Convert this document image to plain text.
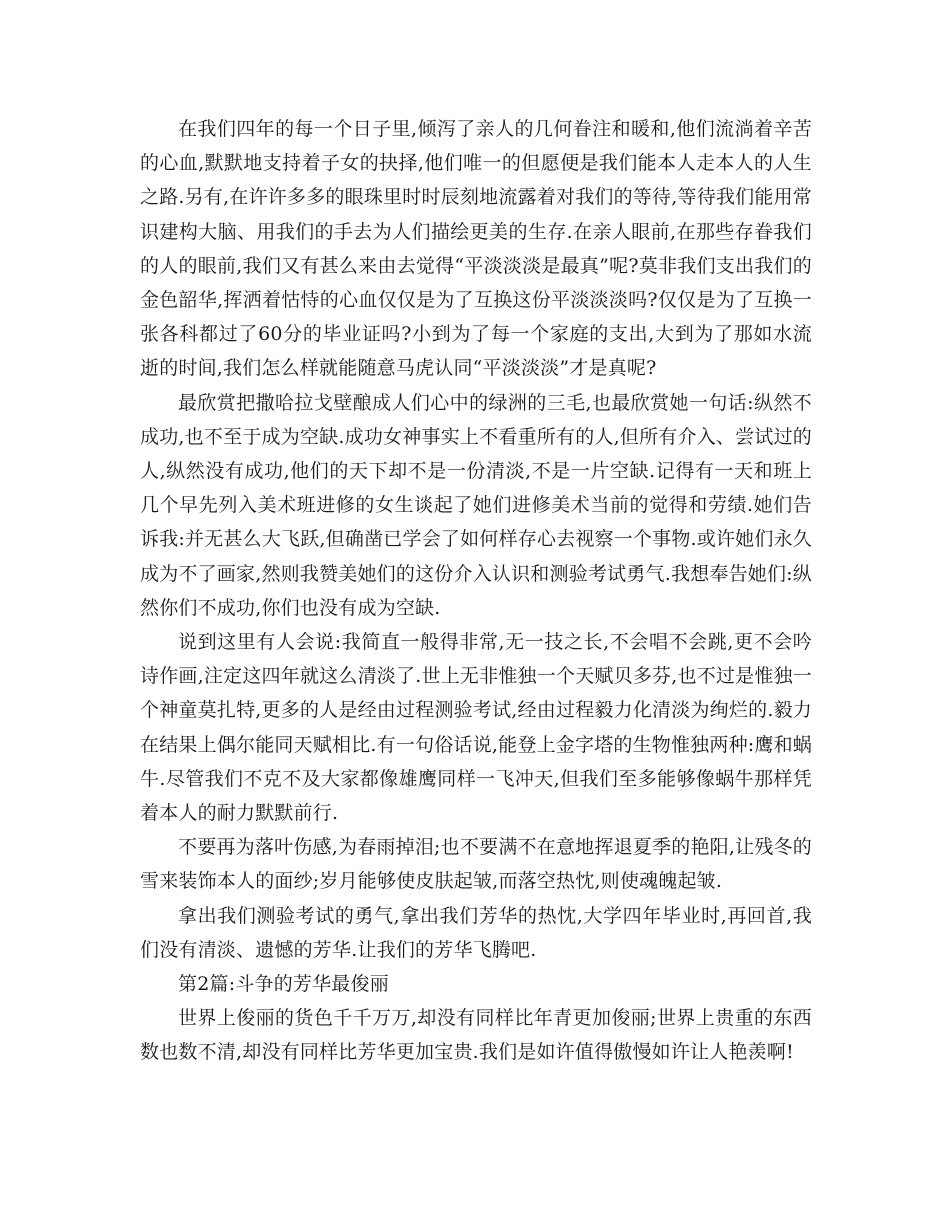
在我们四年的每一个日子里,倾泻了亲人的几何眷注和暖和,他们流淌着辛苦的心血,默默地支持着子女的抉择,他们唯一的但愿便是我们能本人走本人的人生之路.另有,在许许多多的眼珠里时时辰刻地流露着对我们的等待,等待我们能用常识建构大脑、用我们的手去为人们描绘更美的生存.在亲人眼前,在那些存眷我们的人的眼前,我们又有甚么来由去觉得“平淡淡淡是最真”呢?莫非我们支出我们的金色韶华,挥洒着怙恃的心血仅仅是为了互换这份平淡淡淡吗?仅仅是为了互换一张各科都过了60分的毕业证吗?小到为了每一个家庭的支出,大到为了那如水流逝的时间,我们怎么样就能随意马虎认同“平淡淡淡”才是真呢?

最欣赏把撒哈拉戈壁酿成人们心中的绿洲的三毛,也最欣赏她一句话:纵然不成功,也不至于成为空缺.成功女神事实上不看重所有的人,但所有介入、尝试过的人,纵然没有成功,他们的天下却不是一份清淡,不是一片空缺.记得有一天和班上几个早先列入美术班进修的女生谈起了她们进修美术当前的觉得和劳绩.她们告诉我:并无甚么大飞跃,但确凿已学会了如何样存心去视察一个事物.或许她们永久成为不了画家,然则我赞美她们的这份介入认识和测验考试勇气.我想奉告她们:纵然你们不成功,你们也没有成为空缺.

说到这里有人会说:我简直一般得非常,无一技之长,不会唱不会跳,更不会吟诗作画,注定这四年就这么清淡了.世上无非惟独一个天赋贝多芬,也不过是惟独一个神童莫扎特,更多的人是经由过程测验考试,经由过程毅力化清淡为绚烂的.毅力在结果上偶尔能同天赋相比.有一句俗话说,能登上金字塔的生物惟独两种:鹰和蜗牛.尽管我们不克不及大家都像雄鹰同样一飞冲天,但我们至多能够像蜗牛那样凭着本人的耐力默默前行.

不要再为落叶伤感,为春雨掉泪;也不要满不在意地挥退夏季的艳阳,让残冬的雪来装饰本人的面纱;岁月能够使皮肤起皱,而落空热忱,则使魂魄起皱.

拿出我们测验考试的勇气,拿出我们芳华的热忱,大学四年毕业时,再回首,我们没有清淡、遗憾的芳华.让我们的芳华飞腾吧.

第2篇:斗争的芳华最俊丽

世界上俊丽的货色千千万万,却没有同样比年青更加俊丽;世界上贵重的东西数也数不清,却没有同样比芳华更加宝贵.我们是如许值得傲慢如许让人艳羡啊!
